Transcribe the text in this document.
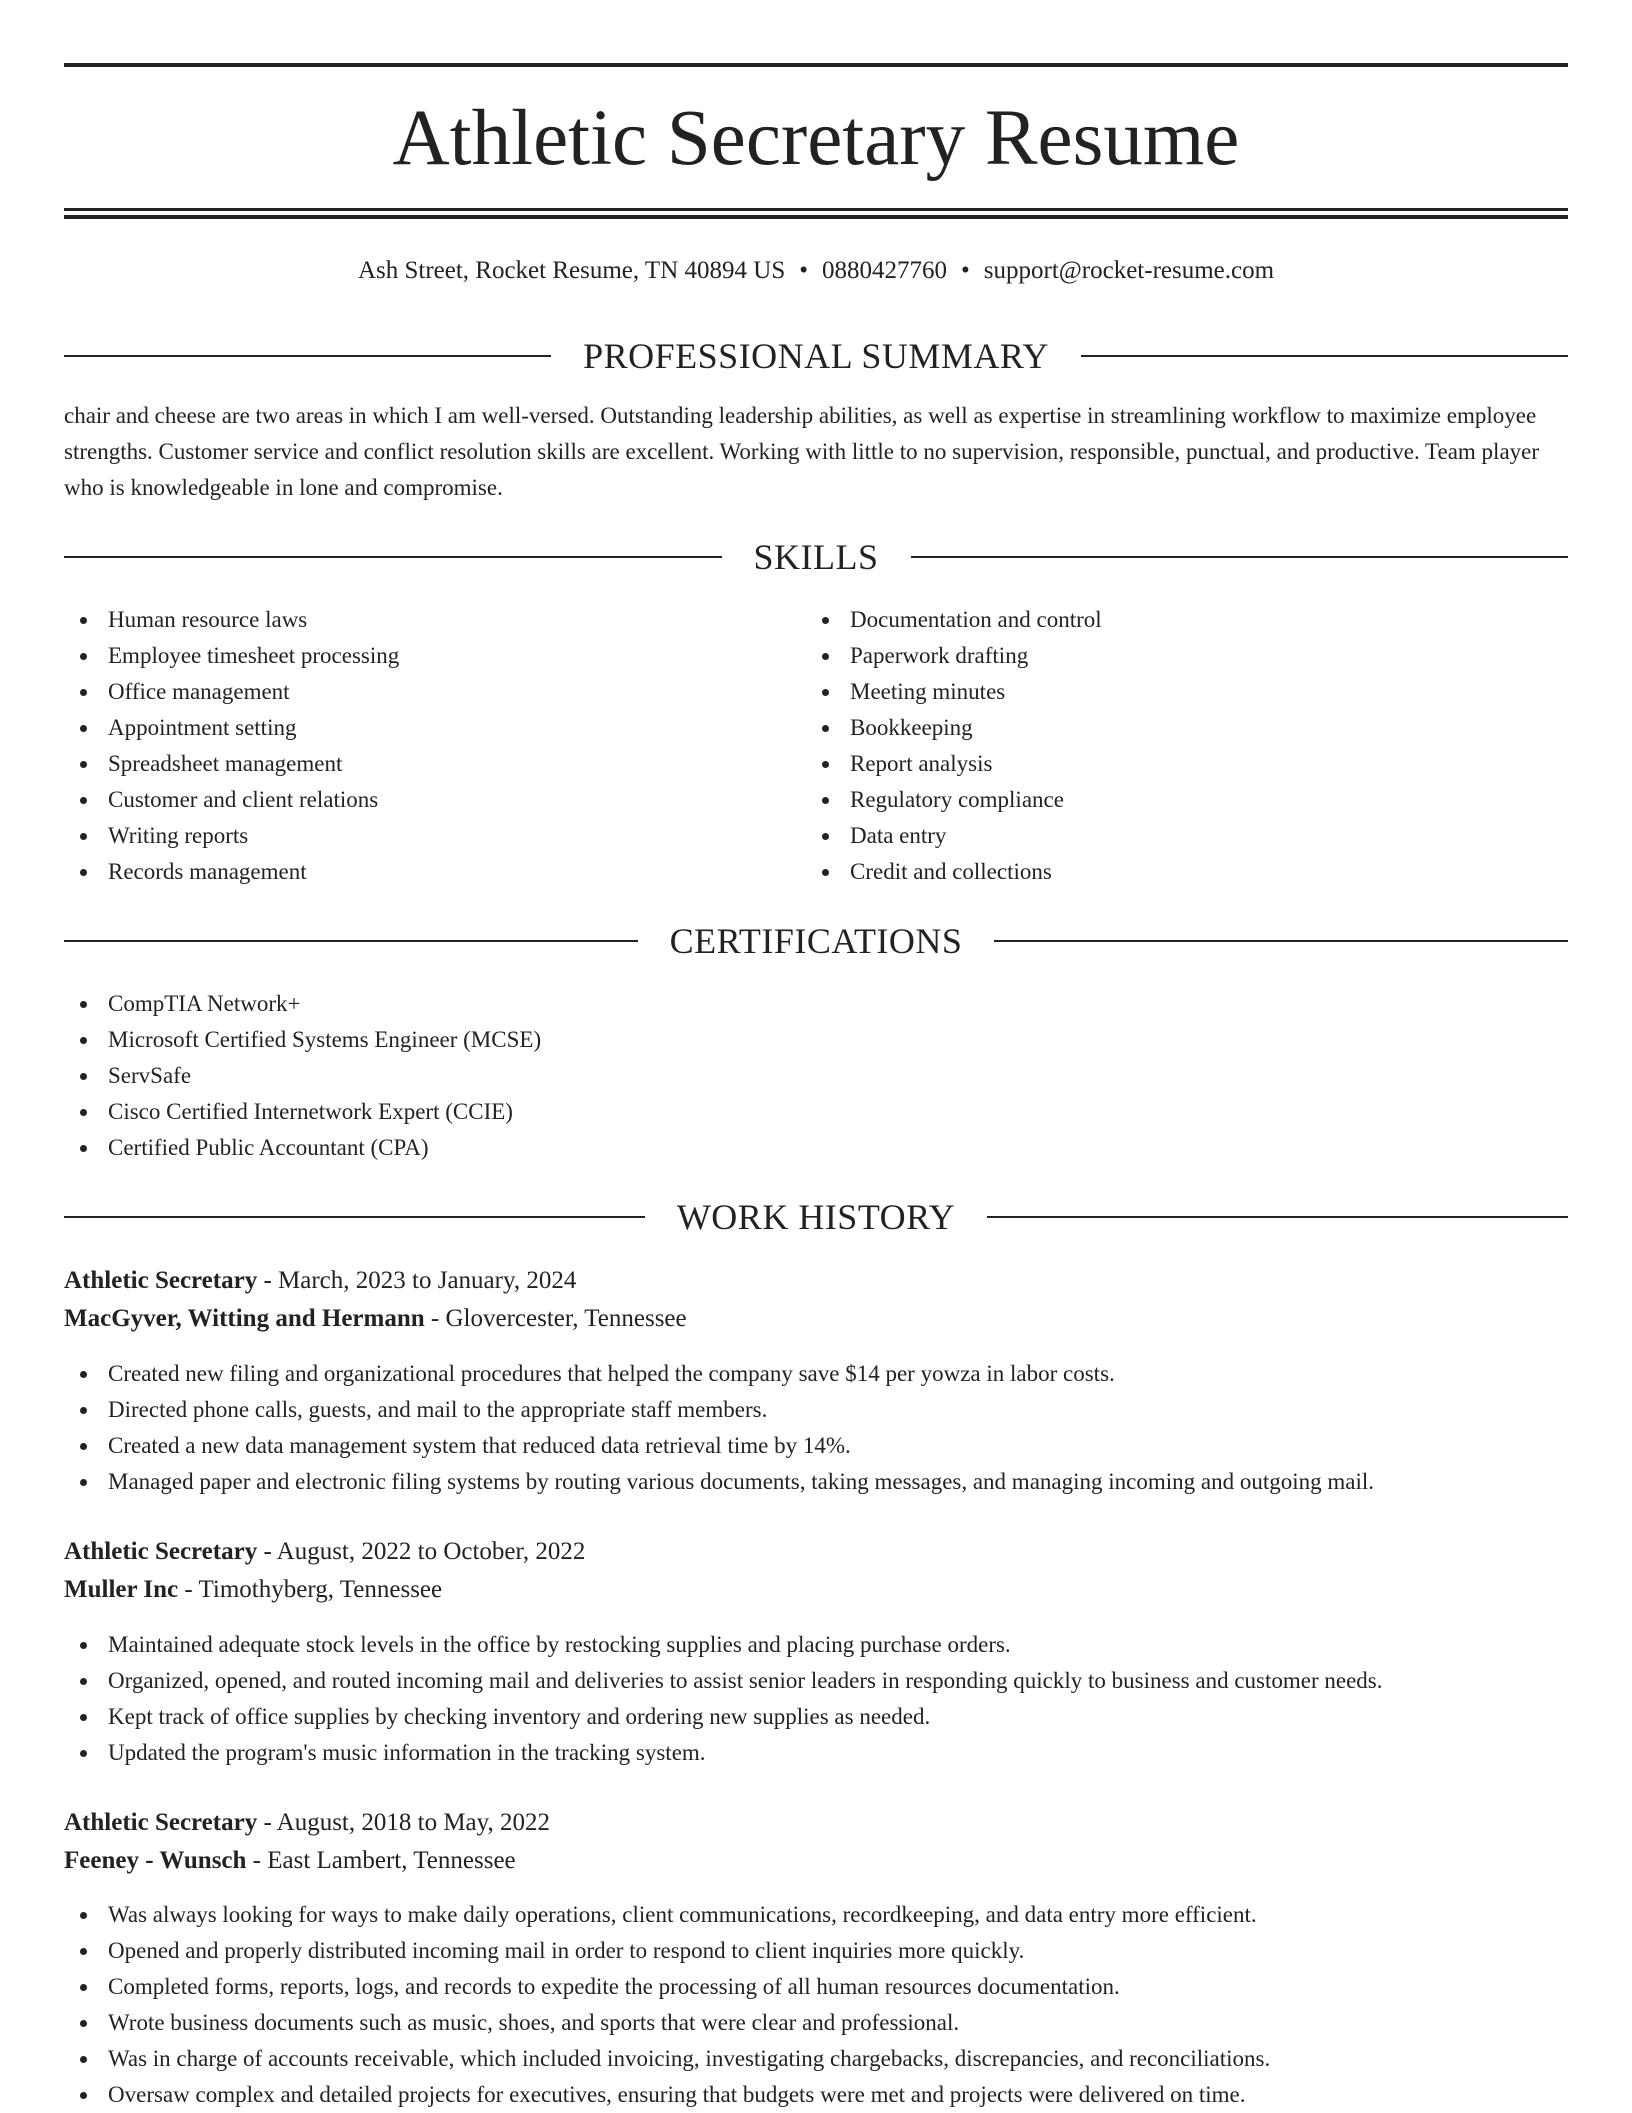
Athletic Secretary Resume
Ash Street, Rocket Resume, TN 40894 US • 0880427760 • support@rocket-resume.com
PROFESSIONAL SUMMARY

chair and cheese are two areas in which I am well-versed. Outstanding leadership abilities, as well as expertise in streamlining workflow to maximize employee strengths. Customer service and conflict resolution skills are excellent. Working with little to no supervision, responsible, punctual, and productive. Team player who is knowledgeable in lone and compromise.

SKILLS
Human resource laws
Employee timesheet processing
Office management
Appointment setting
Spreadsheet management
Customer and client relations
Writing reports
Records management
Documentation and control
Paperwork drafting
Meeting minutes
Bookkeeping
Report analysis
Regulatory compliance
Data entry
Credit and collections
CERTIFICATIONS
CompTIA Network+
Microsoft Certified Systems Engineer (MCSE)
ServSafe
Cisco Certified Internetwork Expert (CCIE)
Certified Public Accountant (CPA)
WORK HISTORY
Athletic Secretary - March, 2023 to January, 2024
MacGyver, Witting and Hermann - Glovercester, Tennessee
Created new filing and organizational procedures that helped the company save $14 per yowza in labor costs.
Directed phone calls, guests, and mail to the appropriate staff members.
Created a new data management system that reduced data retrieval time by 14%.
Managed paper and electronic filing systems by routing various documents, taking messages, and managing incoming and outgoing mail.
Athletic Secretary - August, 2022 to October, 2022
Muller Inc - Timothyberg, Tennessee
Maintained adequate stock levels in the office by restocking supplies and placing purchase orders.
Organized, opened, and routed incoming mail and deliveries to assist senior leaders in responding quickly to business and customer needs.
Kept track of office supplies by checking inventory and ordering new supplies as needed.
Updated the program's music information in the tracking system.
Athletic Secretary - August, 2018 to May, 2022
Feeney - Wunsch - East Lambert, Tennessee
Was always looking for ways to make daily operations, client communications, recordkeeping, and data entry more efficient.
Opened and properly distributed incoming mail in order to respond to client inquiries more quickly.
Completed forms, reports, logs, and records to expedite the processing of all human resources documentation.
Wrote business documents such as music, shoes, and sports that were clear and professional.
Was in charge of accounts receivable, which included invoicing, investigating chargebacks, discrepancies, and reconciliations.
Oversaw complex and detailed projects for executives, ensuring that budgets were met and projects were delivered on time.
